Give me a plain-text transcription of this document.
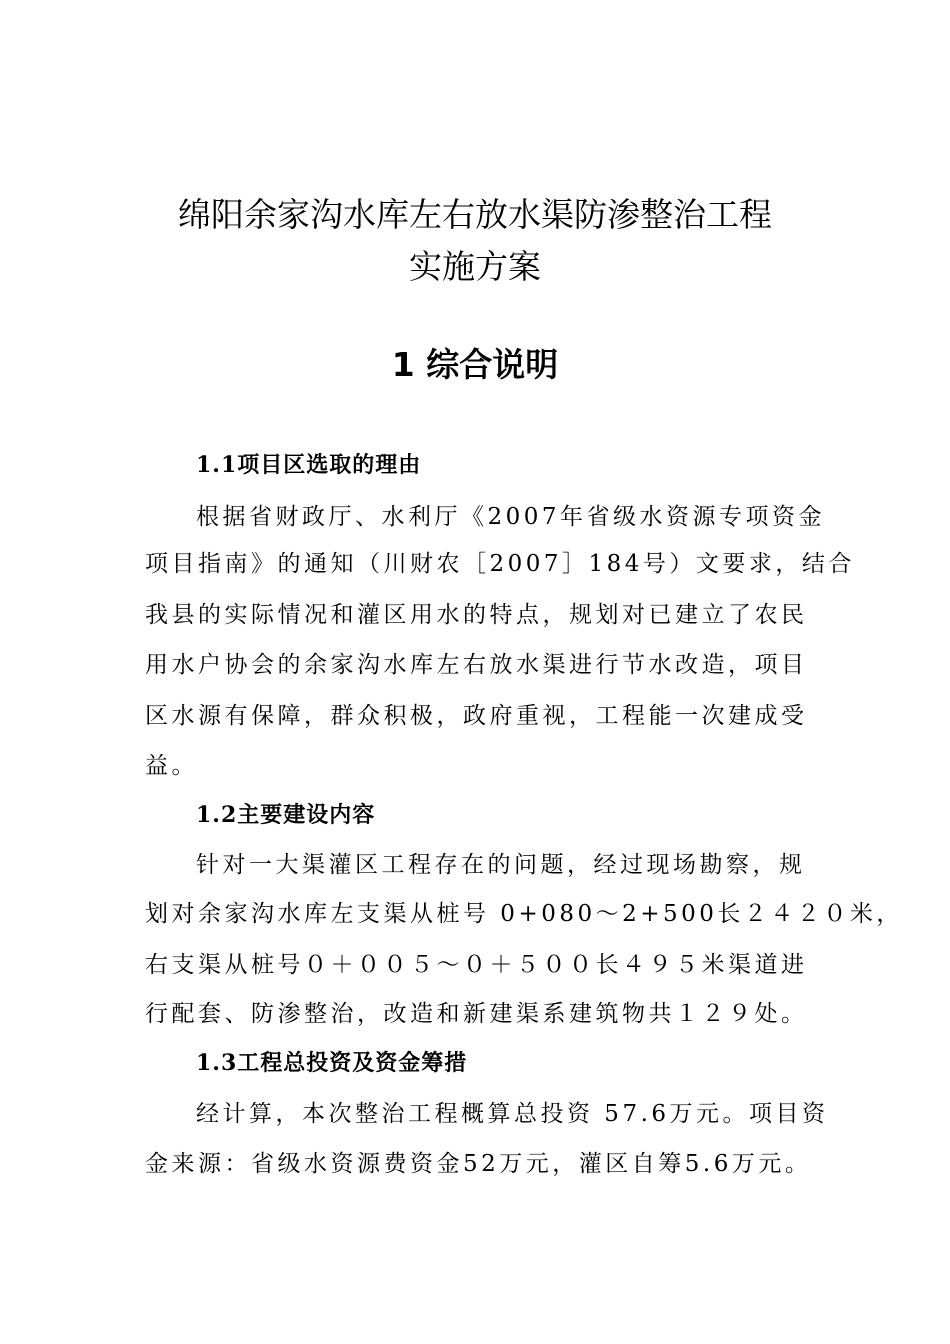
绵阳余家沟水库左右放水渠防渗整治工程
实施方案
1 综合说明
1.1项目区选取的理由

根据省财政厅、水利厅《2007年省级水资源专项资金

项目指南》的通知（川财农［2007］184号）文要求，结合

我县的实际情况和灌区用水的特点，规划对已建立了农民

用水户协会的余家沟水库左右放水渠进行节水改造，项目

区水源有保障，群众积极，政府重视，工程能一次建成受

益。

1.2主要建设内容

针对一大渠灌区工程存在的问题，经过现场勘察，规

划对余家沟水库左支渠从桩号 0+080～2+500长２４２０米，

右支渠从桩号０＋００５～０＋５００长４９５米渠道进

行配套、防渗整治，改造和新建渠系建筑物共１２９处。

1.3工程总投资及资金筹措

经计算，本次整治工程概算总投资 57.6万元。项目资

金来源：省级水资源费资金52万元，灌区自筹5.6万元。
